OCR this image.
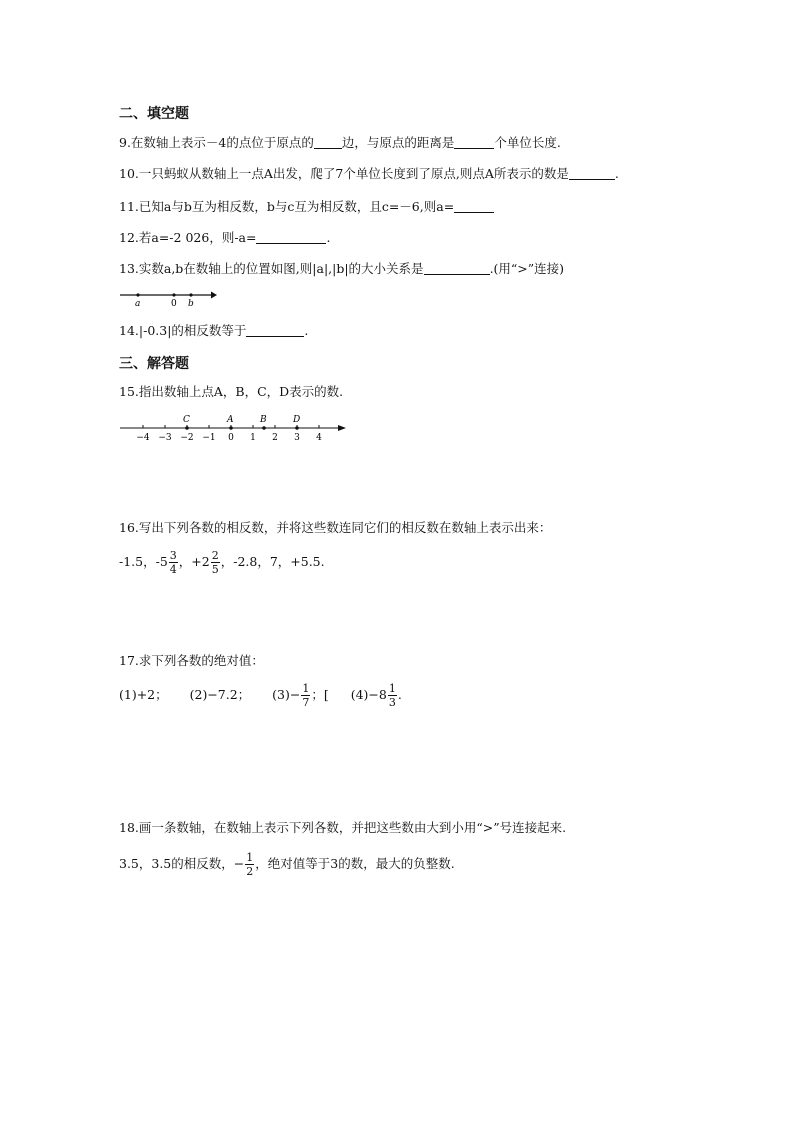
二、填空题
9.在数轴上表示－4的点位于原点的 边，与原点的距离是	个单位长度.
10.一只蚂蚁从数轴上一点A出发，爬了7个单位长度到了原点,则点A所表示的数是	.
11.已知a与b互为相反数，b与c互为相反数，且c=－6,则a=
12.若a=-2 026，则-a=	.
13.实数a,b在数轴上的位置如图,则|a|,|b|的大小关系是	.(用“>”连接)
a	0 b
14.|-0.3|的相反数等于	.
三、解答题
15.指出数轴上点A，B，C，D表示的数.
C	A	B	D
−4 −3 −2 −1 0 1 2 3 4
16.写出下列各数的相反数，并将这些数连同它们的相反数在数轴上表示出来：
-1.5，$-5 \frac{3}{4}$ ，$+2 \frac{2}{5}$ ，-2.8，7，+5.5.
17.求下列各数的绝对值：
(1)+2； (2)−7.2； $(3)- \frac{1}{7}$ ；[ $(4)-8 \frac{1}{3}$ .
18.画一条数轴，在数轴上表示下列各数，并把这些数由大到小用“>”号连接起来.
3.5，3.5的相反数，− $\frac{1}{2}$ ，绝对值等于3的数，最大的负整数.
